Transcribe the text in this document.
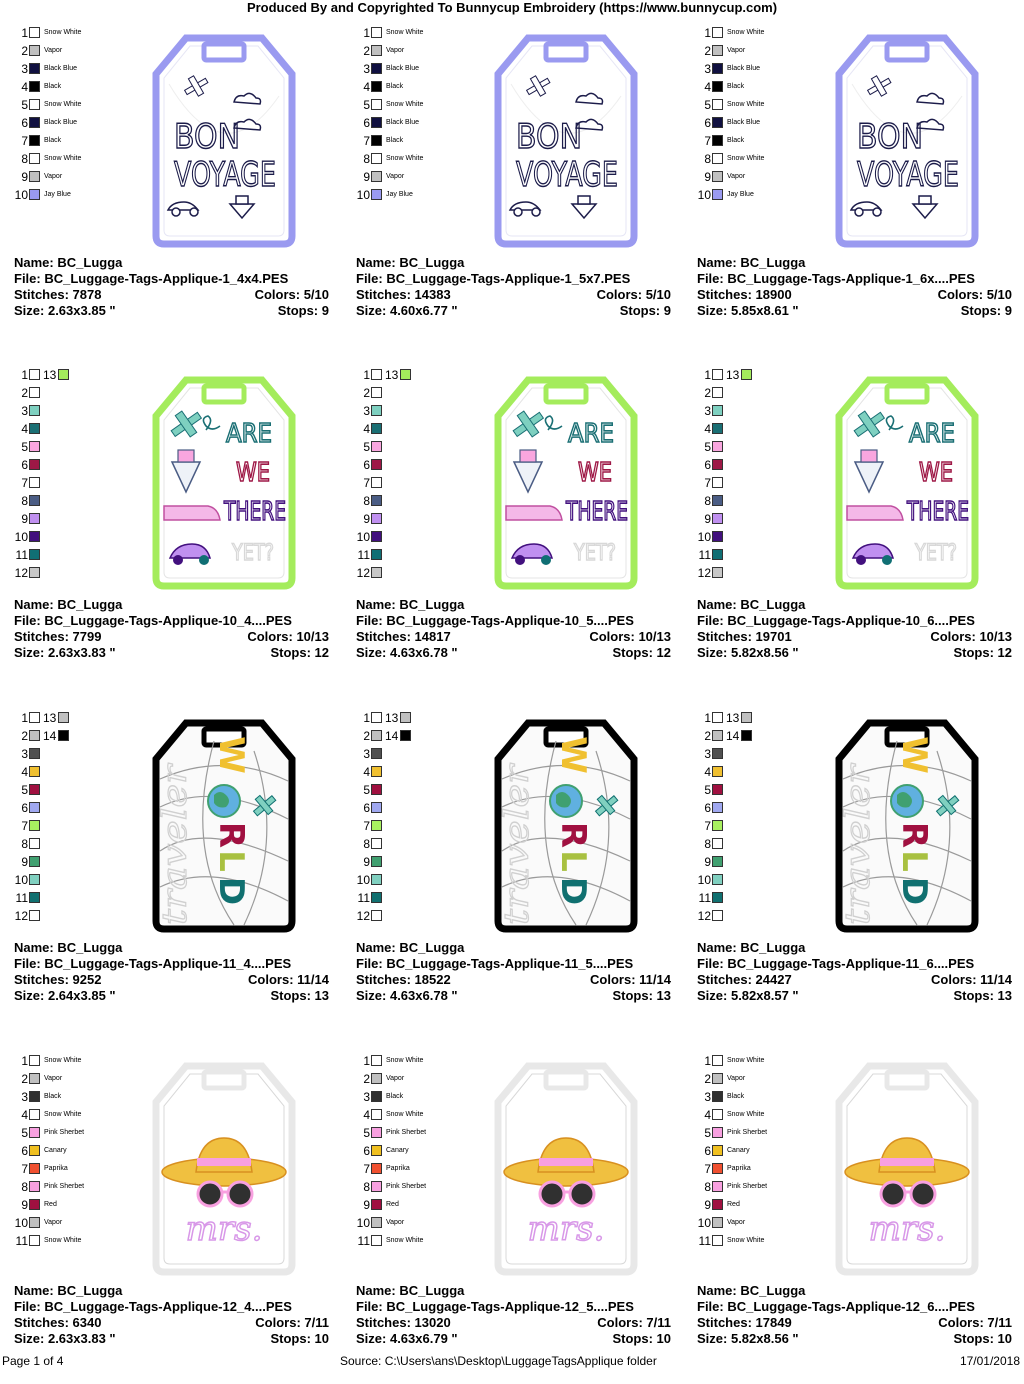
Produced By and Copyrighted To Bunnycup Embroidery (https://www.bunnycup.com)
1 Snow White
2 Vapor
3 Black Blue
4 Black
5 Snow White
6 Black Blue
7 Black
8 Snow White
9 Vapor
10 Jay Blue
BON
VOYAGE
Name: BC_Lugga
File: BC_Luggage-Tags-Applique-1_4x4.PES
Stitches: 7878	Colors: 5/10
Size: 2.63x3.85 "	Stops: 9
1 Snow White
2 Vapor
3 Black Blue
4 Black
5 Snow White
6 Black Blue
7 Black
8 Snow White
9 Vapor
10 Jay Blue
BON
VOYAGE
Name: BC_Lugga
File: BC_Luggage-Tags-Applique-1_5x7.PES
Stitches: 14383	Colors: 5/10
Size: 4.60x6.77 "	Stops: 9
1 Snow White
2 Vapor
3 Black Blue
4 Black
5 Snow White
6 Black Blue
7 Black
8 Snow White
9 Vapor
10 Jay Blue
BON
VOYAGE
Name: BC_Lugga
File: BC_Luggage-Tags-Applique-1_6x....PES
Stitches: 18900	Colors: 5/10
Size: 5.85x8.61 "	Stops: 9
1 13
2
3
4
5
6
7
8
9
10
11
12
ARE
WE
THERE
YET?
Name: BC_Lugga
File: BC_Luggage-Tags-Applique-10_4....PES
Stitches: 7799	Colors: 10/13
Size: 2.63x3.83 "	Stops: 12
1 13
2
3
4
5
6
7
8
9
10
11
12
ARE
WE
THERE
YET?
Name: BC_Lugga
File: BC_Luggage-Tags-Applique-10_5....PES
Stitches: 14817	Colors: 10/13
Size: 4.63x6.78 "	Stops: 12
1 13
2
3
4
5
6
7
8
9
10
11
12
ARE
WE
THERE
YET?
Name: BC_Lugga
File: BC_Luggage-Tags-Applique-10_6....PES
Stitches: 19701	Colors: 10/13
Size: 5.82x8.56 "	Stops: 12
1 13
2 14
3
4
5
6
7
8
9
10
11
12	traveler
W
R
L
D
Name: BC_Lugga
File: BC_Luggage-Tags-Applique-11_4....PES
Stitches: 9252	Colors: 11/14
Size: 2.64x3.85 "	Stops: 13
1 13
2 14
3
4
5
6
7
8
9
10
11
12	traveler
W
R
L
D
Name: BC_Lugga
File: BC_Luggage-Tags-Applique-11_5....PES
Stitches: 18522	Colors: 11/14
Size: 4.63x6.78 "	Stops: 13
1 13
2 14
3
4
5
6
7
8
9
10
11
12	traveler
W
R
L
D
Name: BC_Lugga
File: BC_Luggage-Tags-Applique-11_6....PES
Stitches: 24427	Colors: 11/14
Size: 5.82x8.57 "	Stops: 13
1 Snow White
2 Vapor
3 Black
4 Snow White
5 Pink Sherbet
6 Canary
7 Paprika
8 Pink Sherbet
9 Red
10 Vapor
11 Snow White	mrs.
Name: BC_Lugga
File: BC_Luggage-Tags-Applique-12_4....PES
Stitches: 6340	Colors: 7/11
Size: 2.63x3.83 "	Stops: 10
1 Snow White
2 Vapor
3 Black
4 Snow White
5 Pink Sherbet
6 Canary
7 Paprika
8 Pink Sherbet
9 Red
10 Vapor
11 Snow White	mrs.
Name: BC_Lugga
File: BC_Luggage-Tags-Applique-12_5....PES
Stitches: 13020	Colors: 7/11
Size: 4.63x6.79 "	Stops: 10
1 Snow White
2 Vapor
3 Black
4 Snow White
5 Pink Sherbet
6 Canary
7 Paprika
8 Pink Sherbet
9 Red
10 Vapor
11 Snow White	mrs.
Name: BC_Lugga
File: BC_Luggage-Tags-Applique-12_6....PES
Stitches: 17849	Colors: 7/11
Size: 5.82x8.56 "	Stops: 10
Page 1 of 4	Source: C:\Users\ans\Desktop\LuggageTagsApplique folder	17/01/2018
